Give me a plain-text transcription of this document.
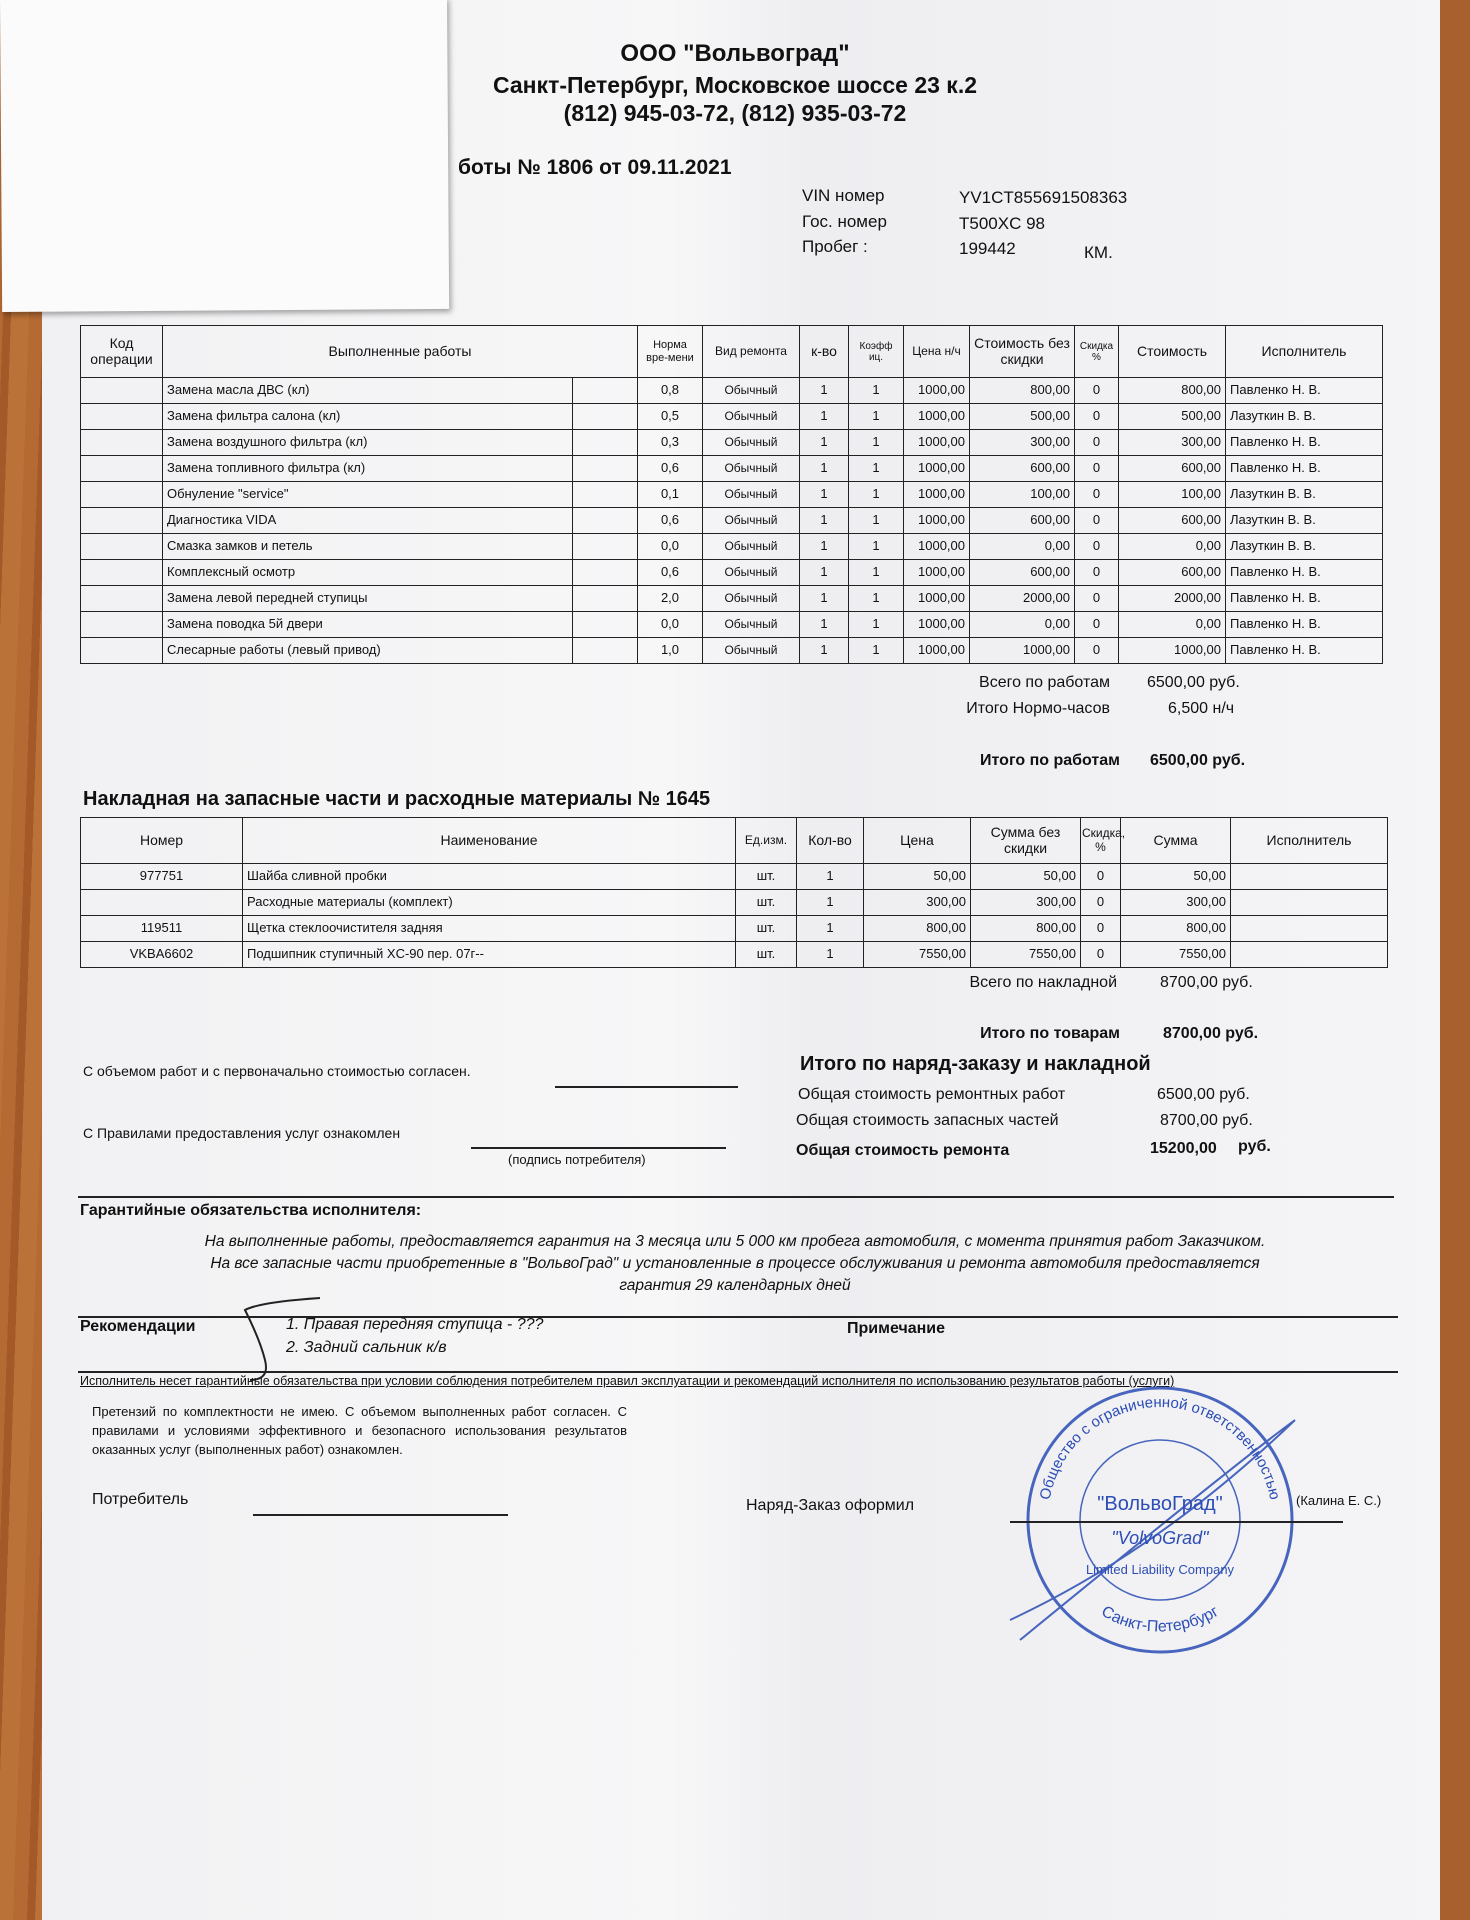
ООО "Вольвоград"
Санкт-Петербург, Московское шоссе 23 к.2
(812) 945-03-72, (812) 935-03-72
VIN номер	YV1CT855691508363
Гос. номер	T500XC 98
Пробег :	199442	КМ.
боты № 1806 от 09.11.2021
Код операции	Выполненные работы		Норма вре-мени	Вид ремонта	к-во	Коэфф иц.	Цена н/ч	Стоимость без скидки	Скидка %	Стоимость	Исполнитель
	Замена масла ДВС (кл)		0,8	Обычный	1	1	1000,00	800,00	0	800,00	Павленко Н. В.
	Замена фильтра салона (кл)		0,5	Обычный	1	1	1000,00	500,00	0	500,00	Лазуткин В. В.
	Замена воздушного фильтра (кл)		0,3	Обычный	1	1	1000,00	300,00	0	300,00	Павленко Н. В.
	Замена топливного фильтра (кл)		0,6	Обычный	1	1	1000,00	600,00	0	600,00	Павленко Н. В.
	Обнуление "service"		0,1	Обычный	1	1	1000,00	100,00	0	100,00	Лазуткин В. В.
	Диагностика VIDA		0,6	Обычный	1	1	1000,00	600,00	0	600,00	Лазуткин В. В.
	Смазка замков и петель		0,0	Обычный	1	1	1000,00	0,00	0	0,00	Лазуткин В. В.
	Комплексный осмотр		0,6	Обычный	1	1	1000,00	600,00	0	600,00	Павленко Н. В.
	Замена левой передней ступицы		2,0	Обычный	1	1	1000,00	2000,00	0	2000,00	Павленко Н. В.
	Замена поводка 5й двери		0,0	Обычный	1	1	1000,00	0,00	0	0,00	Павленко Н. В.
	Слесарные работы (левый привод)		1,0	Обычный	1	1	1000,00	1000,00	0	1000,00	Павленко Н. В.
Всего по работам 6500,00 руб.
Итого Нормо-часов	6,500 н/ч
Итого по работам 6500,00 руб.
Накладная на запасные части и расходные материалы № 1645
Номер	Наименование	Ед.изм.	Кол-во	Цена	Сумма без скидки	Скидка, %	Сумма	Исполнитель
977751	Шайба сливной пробки	шт.	1	50,00	50,00	0	50,00	
	Расходные материалы (комплект)	шт.	1	300,00	300,00	0	300,00	
119511	Щетка стеклоочистителя задняя	шт.	1	800,00	800,00	0	800,00	
VKBA6602	Подшипник ступичный XC-90 пер. 07г--	шт.	1	7550,00	7550,00	0	7550,00	
Всего по накладной	8700,00 руб.
Итого по товарам	8700,00 руб.
С объемом работ и с первоначально стоимостью согласен.
С Правилами предоставления услуг ознакомлен
(подпись потребителя)
Итого по наряд-заказу и накладной
Общая стоимость ремонтных работ	6500,00 руб.
Общая стоимость запасных частей	8700,00 руб.
Общая стоимость ремонта	15200,00 руб.
Гарантийные обязательства исполнителя:
На выполненные работы, предоставляется гарантия на 3 месяца или 5 000 км пробега автомобиля, с момента принятия работ Заказчиком.
На все запасные части приобретенные в "ВольвоГрад" и установленные в процессе обслуживания и ремонта автомобиля предоставляется
гарантия 29 календарных дней
Рекомендации	1. Правая передняя ступица - ???
2. Задний сальник к/в
Примечание
Исполнитель несет гарантийные обязательства при условии соблюдения потребителем правил эксплуатации и рекомендаций исполнителя по использованию результатов работы (услуги)
Претензий по комплектности не имею. С объемом выполненных работ согласен. С правилами и условиями эффективного и безопасного использования результатов оказанных услуг (выполненных работ) ознакомлен.
Потребитель	Наряд-Заказ оформил
Общество с ограниченной ответственностью
"ВольвоГрад"
"VolvoGrad"
Limited Liability Company
Санкт-Петербург
(Калина Е. С.)
